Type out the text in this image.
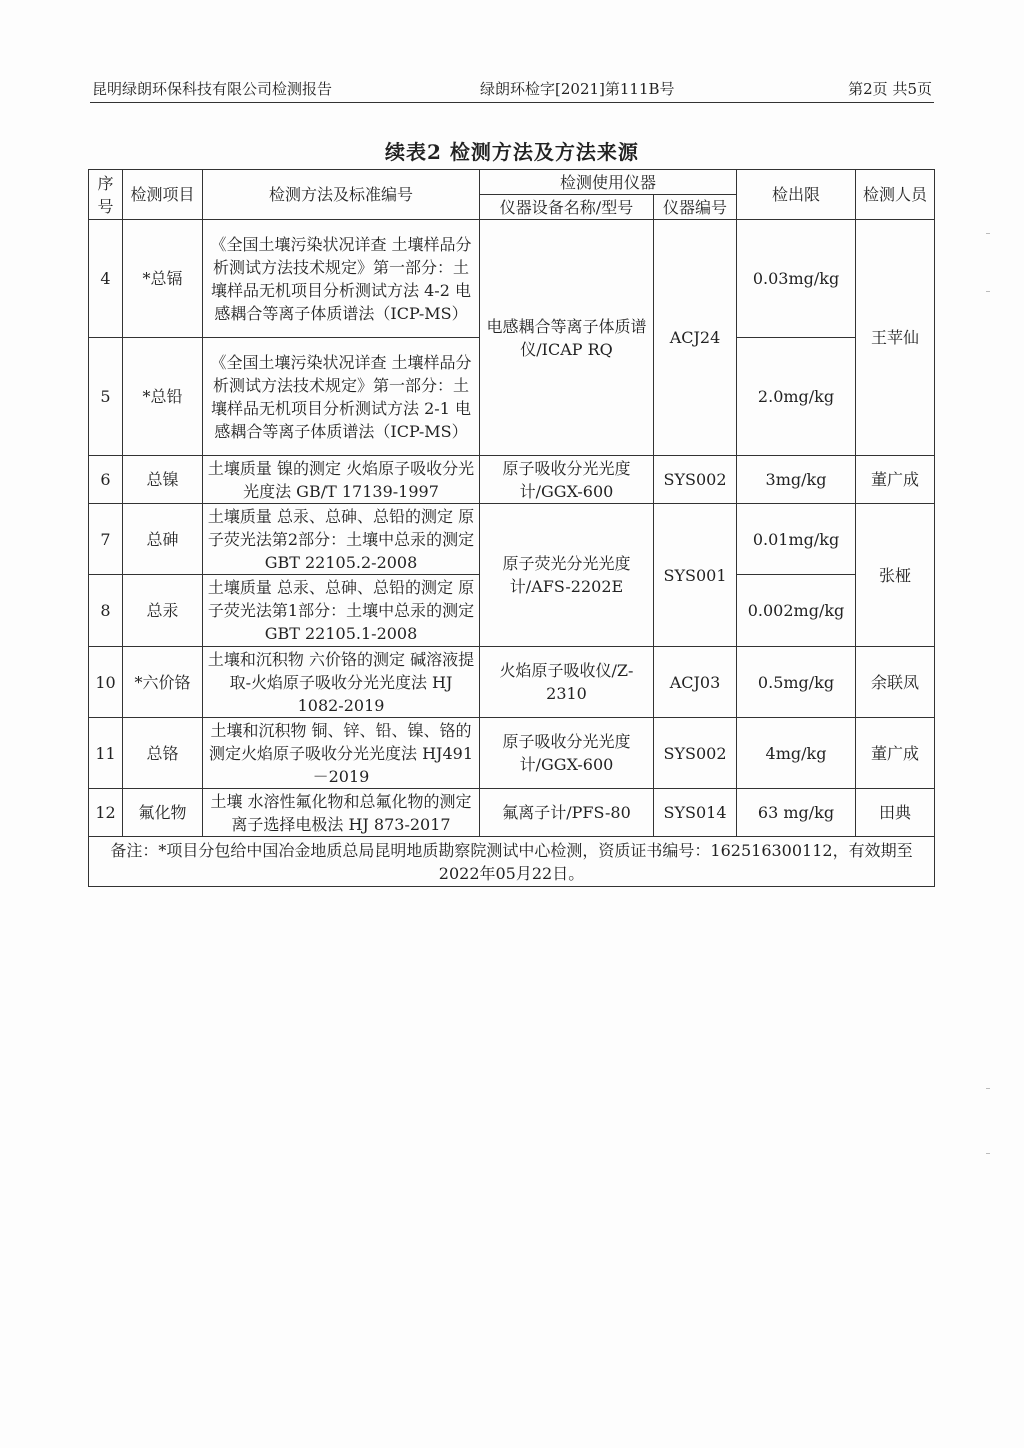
昆明绿朗环保科技有限公司检测报告	绿朗环检字[2021]第111B号	第2页 共5页
续表2 检测方法及方法来源
序号	检测项目	检测方法及标准编号	检测使用仪器		检出限	检测人员
			仪器设备名称/型号	仪器编号		
4	*总镉	《全国土壤污染状况详查 土壤样品分析测试方法技术规定》第一部分：土壤样品无机项目分析测试方法 4-2 电感耦合等离子体质谱法（ICP-MS）	电感耦合等离子体质谱仪/ICAP RQ	ACJ24	0.03mg/kg	王苹仙
5	*总铅	《全国土壤污染状况详查 土壤样品分析测试方法技术规定》第一部分：土壤样品无机项目分析测试方法 2-1 电感耦合等离子体质谱法（ICP-MS）			2.0mg/kg	
6	总镍	土壤质量 镍的测定 火焰原子吸收分光光度法 GB/T 17139-1997	原子吸收分光光度计/GGX-600	SYS002	3mg/kg	董广成
7	总砷	土壤质量 总汞、总砷、总铅的测定 原子荧光法第2部分：土壤中总汞的测定 GBT 22105.2-2008	原子荧光分光光度计/AFS-2202E	SYS001	0.01mg/kg	张桠
8	总汞	土壤质量 总汞、总砷、总铅的测定 原子荧光法第1部分：土壤中总汞的测定 GBT 22105.1-2008			0.002mg/kg	
10	*六价铬	土壤和沉积物 六价铬的测定 碱溶液提取-火焰原子吸收分光光度法 HJ 1082-2019	火焰原子吸收仪/Z-2310	ACJ03	0.5mg/kg	余联凤
11	总铬	土壤和沉积物 铜、锌、铅、镍、铬的测定火焰原子吸收分光光度法 HJ491－2019	原子吸收分光光度计/GGX-600	SYS002	4mg/kg	董广成
12	氟化物	土壤 水溶性氟化物和总氟化物的测定 离子选择电极法 HJ 873-2017	氟离子计/PFS-80	SYS014	63 mg/kg	田典
备注：*项目分包给中国冶金地质总局昆明地质勘察院测试中心检测，资质证书编号：162516300112，有效期至2022年05月22日。						
